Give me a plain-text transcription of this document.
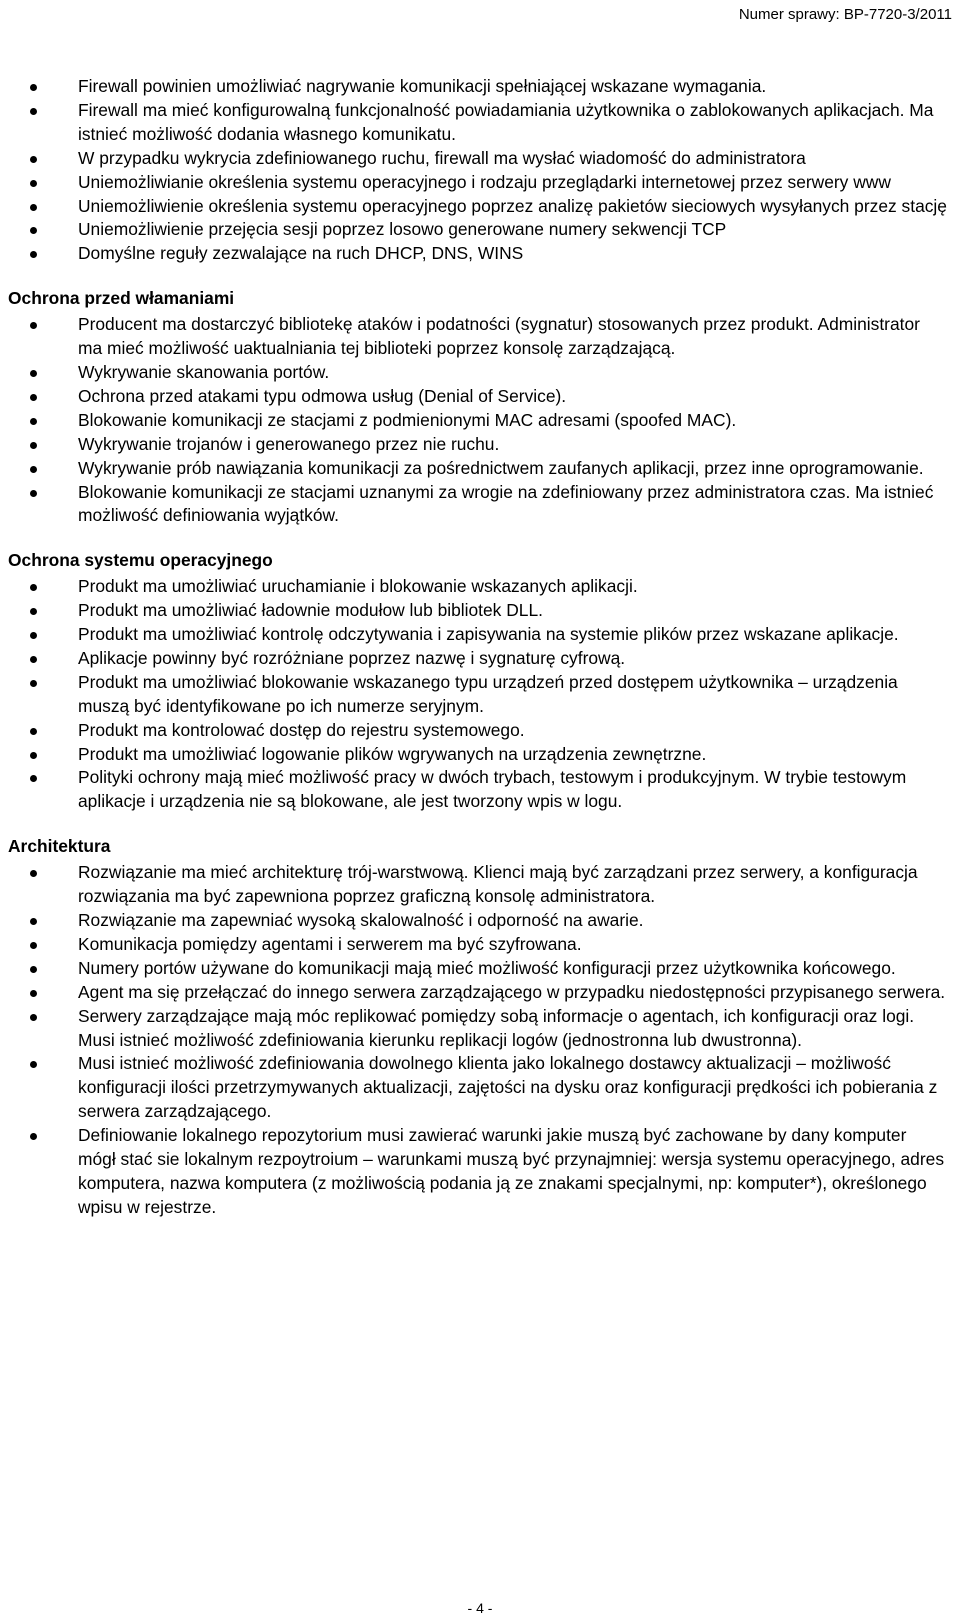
Numer sprawy: BP-7720-3/2011
Firewall powinien umożliwiać nagrywanie komunikacji spełniającej wskazane wymagania.
Firewall ma mieć konfigurowalną funkcjonalność powiadamiania użytkownika o zablokowanych aplikacjach. Ma istnieć możliwość dodania własnego komunikatu.
W przypadku wykrycia zdefiniowanego ruchu, firewall ma wysłać wiadomość do administratora
Uniemożliwianie określenia systemu operacyjnego i rodzaju przeglądarki internetowej przez serwery www
Uniemożliwienie określenia systemu operacyjnego poprzez analizę pakietów sieciowych wysyłanych przez stację
Uniemożliwienie przejęcia sesji poprzez losowo generowane numery sekwencji TCP
Domyślne reguły zezwalające na ruch DHCP, DNS, WINS
Ochrona przed włamaniami
Producent ma dostarczyć bibliotekę ataków i podatności (sygnatur) stosowanych przez produkt. Administrator ma mieć możliwość uaktualniania tej biblioteki poprzez konsolę zarządzającą.
Wykrywanie skanowania portów.
Ochrona przed atakami typu odmowa usług (Denial of Service).
Blokowanie komunikacji ze stacjami z podmienionymi MAC adresami (spoofed MAC).
Wykrywanie trojanów i generowanego przez nie ruchu.
Wykrywanie prób nawiązania komunikacji za pośrednictwem zaufanych aplikacji, przez inne oprogramowanie.
Blokowanie komunikacji ze stacjami uznanymi za wrogie na zdefiniowany przez administratora czas. Ma istnieć możliwość definiowania wyjątków.
Ochrona systemu operacyjnego
Produkt ma umożliwiać uruchamianie i blokowanie wskazanych aplikacji.
Produkt ma umożliwiać ładownie modułow lub bibliotek DLL.
Produkt ma umożliwiać kontrolę odczytywania i zapisywania na systemie plików przez wskazane aplikacje.
Aplikacje powinny być rozróżniane poprzez nazwę i sygnaturę cyfrową.
Produkt ma umożliwiać blokowanie wskazanego typu urządzeń przed dostępem użytkownika – urządzenia muszą być identyfikowane po ich numerze seryjnym.
Produkt ma kontrolować dostęp do rejestru systemowego.
Produkt ma umożliwiać logowanie plików wgrywanych na urządzenia zewnętrzne.
Polityki ochrony mają mieć możliwość pracy w dwóch trybach, testowym i produkcyjnym. W trybie testowym aplikacje i urządzenia nie są blokowane, ale jest tworzony wpis w logu.
Architektura
Rozwiązanie ma mieć architekturę trój-warstwową. Klienci mają być zarządzani przez serwery, a konfiguracja rozwiązania ma być zapewniona poprzez graficzną konsolę administratora.
Rozwiązanie ma zapewniać wysoką skalowalność i odporność na awarie.
Komunikacja pomiędzy agentami i serwerem ma być szyfrowana.
Numery portów używane do komunikacji mają mieć możliwość konfiguracji przez użytkownika końcowego.
Agent ma się przełączać do innego serwera zarządzającego w przypadku niedostępności przypisanego serwera.
Serwery zarządzające mają móc replikować pomiędzy sobą informacje o agentach, ich konfiguracji oraz logi. Musi istnieć możliwość zdefiniowania kierunku replikacji logów (jednostronna lub dwustronna).
Musi istnieć możliwość zdefiniowania dowolnego klienta jako lokalnego dostawcy aktualizacji – możliwość konfiguracji ilości przetrzymywanych aktualizacji, zajętości na dysku oraz konfiguracji prędkości ich pobierania z serwera zarządzającego.
Definiowanie lokalnego repozytorium musi zawierać warunki jakie muszą być zachowane by dany komputer mógł stać sie lokalnym rezpoytroium – warunkami muszą być przynajmniej: wersja systemu operacyjnego, adres komputera, nazwa komputera (z możliwością podania ją ze znakami specjalnymi, np: komputer*), określonego wpisu w rejestrze.
- 4 -
